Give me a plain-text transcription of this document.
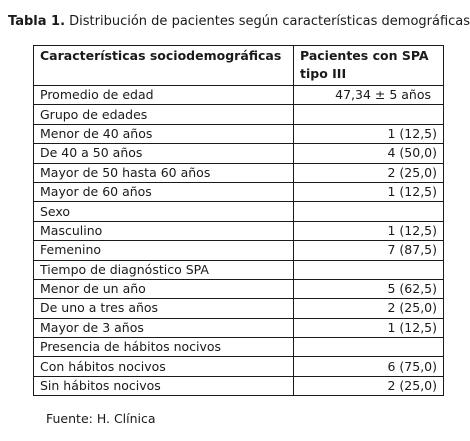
Tabla 1. Distribución de pacientes según características demográficas
Características sociodemográficas	Pacientes con SPA tipo III
Promedio de edad	47,34 ± 5 años
Grupo de edades	
Menor de 40 años	1 (12,5)
De 40 a 50 años	4 (50,0)
Mayor de 50 hasta 60 años	2 (25,0)
Mayor de 60 años	1 (12,5)
Sexo	
Masculino	1 (12,5)
Femenino	7 (87,5)
Tiempo de diagnóstico SPA	
Menor de un año	5 (62,5)
De uno a tres años	2 (25,0)
Mayor de 3 años	1 (12,5)
Presencia de hábitos nocivos	
Con hábitos nocivos	6 (75,0)
Sin hábitos nocivos	2 (25,0)
Fuente: H. Clínica
